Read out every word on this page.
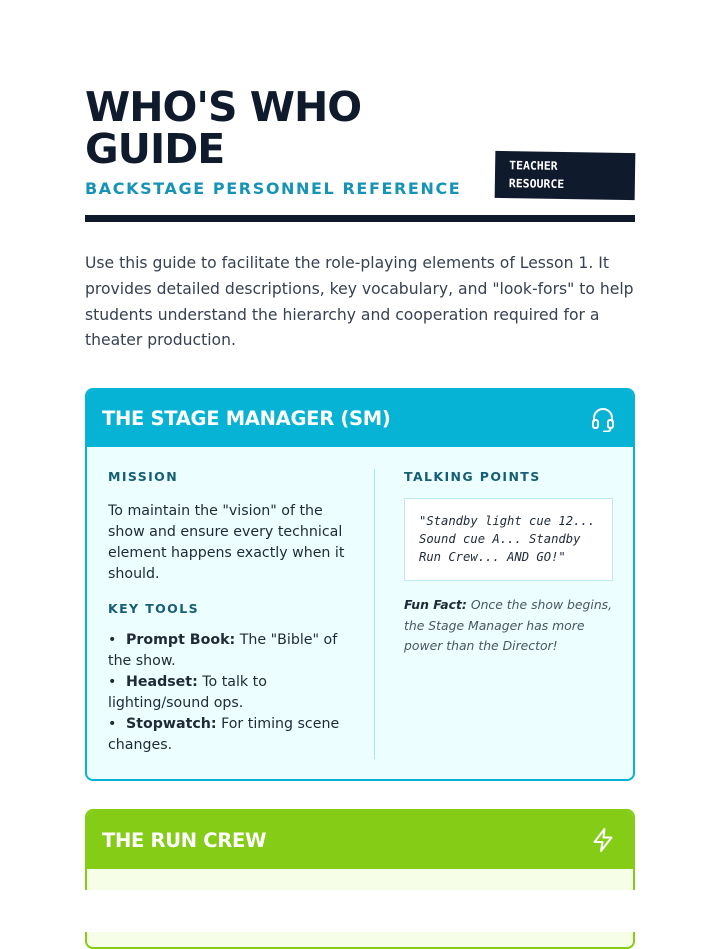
WHO'S WHO
GUIDE
BACKSTAGE PERSONNEL REFERENCE
TEACHER
RESOURCE

Use this guide to facilitate the role-playing elements of Lesson 1. It provides detailed descriptions, key vocabulary, and "look-fors" to help students understand the hierarchy and cooperation required for a theater production.

THE STAGE MANAGER (SM)
MISSION

To maintain the "vision" of the show and ensure every technical element happens exactly when it should.

KEY TOOLS
• Prompt Book: The "Bible" of the show.
• Headset: To talk to lighting/sound ops.
• Stopwatch: For timing scene changes.
TALKING POINTS
"Standby light cue 12... Sound cue A... Standby Run Crew... AND GO!"
Fun Fact: Once the show begins, the Stage Manager has more power than the Director!
THE RUN CREW
